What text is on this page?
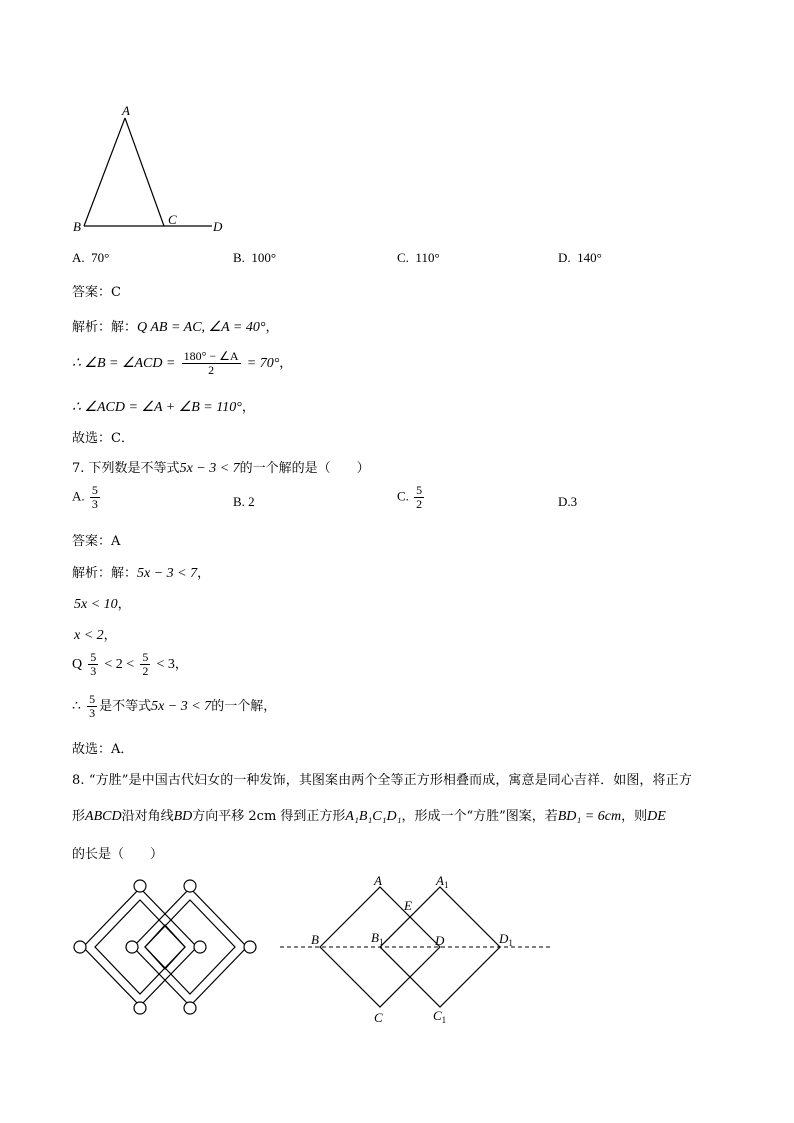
A
B	C	D
A. 70°	B. 100°	C. 110°	D. 140°
答案：C
解析：解：Q AB = AC, ∠A = 40°，
∴ ∠B = ∠ACD = $\frac{180^\circ - \angle A}{2} = 70^\circ$，
∴ ∠ACD = ∠A + ∠B = 110°，
故选：C．
7. 下列数是不等式5x − 3 < 7的一个解的是（　　）
A. $\frac{5}{3}$	B. 2	C. $\frac{5}{2}$	D.3
答案：A
解析：解：5x − 3 < 7，
5x < 10，
x < 2，
Q $\frac{5}{3} < 2 < \frac{5}{2} < 3$，
∴ $\frac{5}{3}$ 是不等式5x − 3 < 7的一个解，
故选：A．
8. “方胜”是中国古代妇女的一种发饰，其图案由两个全等正方形相叠而成，寓意是同心吉祥．如图，将正方
形ABCD沿对角线BD方向平移 2cm 得到正方形A₁B₁C₁D₁，形成一个“方胜”图案，若BD₁ = 6cm，则DE
的长是（　　）
A	$A_1$
E
B	$B_1$	D	$D_1$
C	$C_1$
